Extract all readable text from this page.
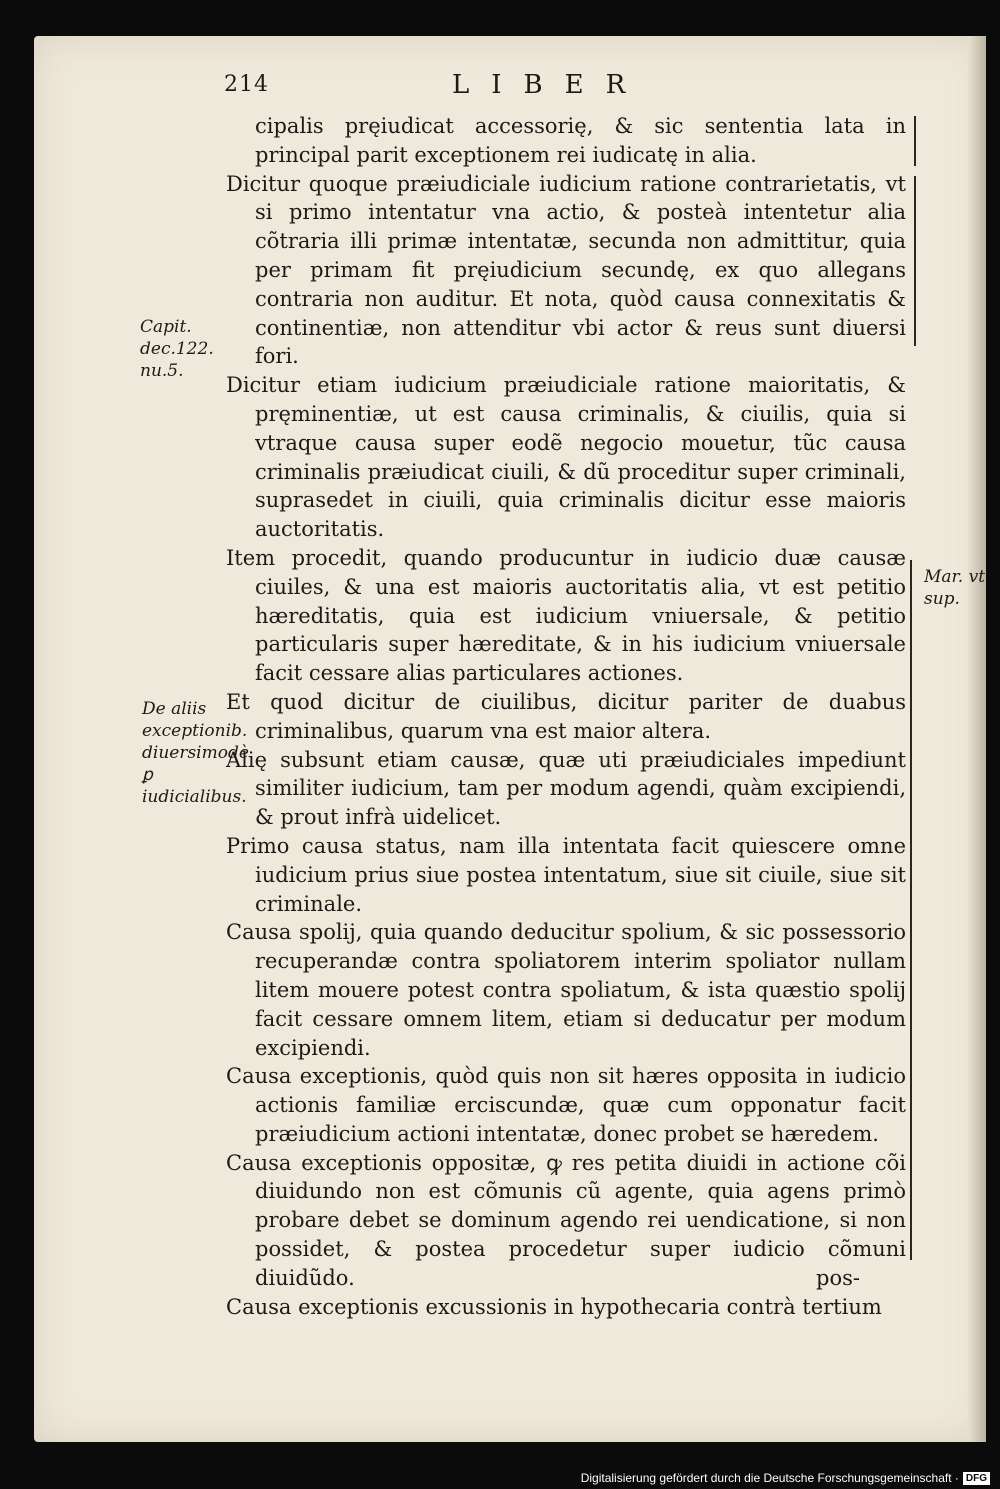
214	LIBER

cipalis pręiudicat accessorię, & sic sententia lata in principal parit exceptionem rei iudicatę in alia.

Dicitur quoque præiudiciale iudicium ratione contrarietatis, vt si primo intentatur vna actio, & posteà intentetur alia cõtraria illi primæ intentatæ, secunda non admittitur, quia per primam fit pręiudicium secundę, ex quo allegans contraria non auditur. Et nota, quòd causa connexitatis & continentiæ, non attenditur vbi actor & reus sunt diuersi fori.

Dicitur etiam iudicium præiudiciale ratione maioritatis, & pręminentiæ, ut est causa criminalis, & ciuilis, quia si vtraque causa super eodẽ negocio mouetur, tũc causa criminalis præiudicat ciuili, & dũ proceditur super criminali, suprasedet in ciuili, quia criminalis dicitur esse maioris auctoritatis.

Item procedit, quando producuntur in iudicio duæ causæ ciuiles, & una est maioris auctoritatis alia, vt est petitio hæreditatis, quia est iudicium vniuersale, & petitio particularis super hæreditate, & in his iudicium vniuersale facit cessare alias particulares actiones.

Et quod dicitur de ciuilibus, dicitur pariter de duabus criminalibus, quarum vna est maior altera.

Alię subsunt etiam causæ, quæ uti præiudiciales impediunt similiter iudicium, tam per modum agendi, quàm excipiendi, & prout infrà uidelicet.

Primo causa status, nam illa intentata facit quiescere omne iudicium prius siue postea intentatum, siue sit ciuile, siue sit criminale.

Causa spolij, quia quando deducitur spolium, & sic possessorio recuperandæ contra spoliatorem interim spoliator nullam litem mouere potest contra spoliatum, & ista quæstio spolij facit cessare omnem litem, etiam si deducatur per modum excipiendi.

Causa exceptionis, quòd quis non sit hæres opposita in iudicio actionis familiæ erciscundæ, quæ cum opponatur facit præiudicium actioni intentatæ, donec probet se hæredem.

Causa exceptionis oppositæ, ꝙ res petita diuidi in actione cõi diuidundo non est cõmunis cũ agente, quia agens primò probare debet se dominum agendo rei uendicatione, si non possidet, & postea procedetur super iudicio cõmuni diuidũdo.

Causa exceptionis excussionis in hypothecaria contrà tertium

pos-
Capit. dec.122. nu.5.
De aliis exceptionib. diuersimodè ꝑ iudicialibus.
Mar. vt sup.
Digitalisierung gefördert durch die Deutsche Forschungsgemeinschaft · DFG
